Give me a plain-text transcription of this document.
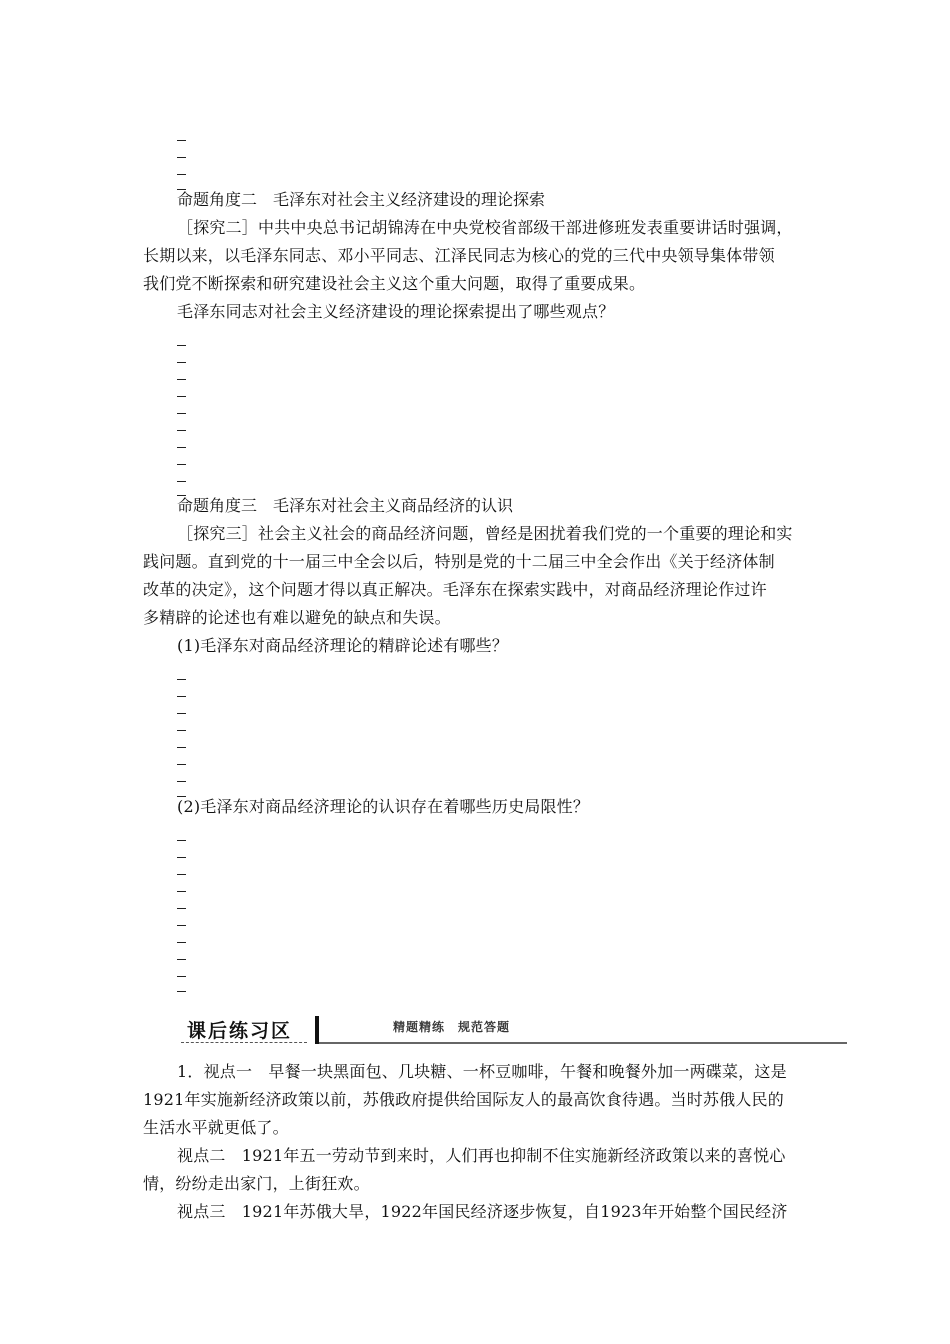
命题角度二　毛泽东对社会主义经济建设的理论探索
［探究二］中共中央总书记胡锦涛在中央党校省部级干部进修班发表重要讲话时强调，
长期以来，以毛泽东同志、邓小平同志、江泽民同志为核心的党的三代中央领导集体带领
我们党不断探索和研究建设社会主义这个重大问题，取得了重要成果。
毛泽东同志对社会主义经济建设的理论探索提出了哪些观点？
命题角度三　毛泽东对社会主义商品经济的认识
［探究三］社会主义社会的商品经济问题，曾经是困扰着我们党的一个重要的理论和实
践问题。直到党的十一届三中全会以后，特别是党的十二届三中全会作出《关于经济体制
改革的决定》，这个问题才得以真正解决。毛泽东在探索实践中，对商品经济理论作过许
多精辟的论述也有难以避免的缺点和失误。
(1)毛泽东对商品经济理论的精辟论述有哪些？
(2)毛泽东对商品经济理论的认识存在着哪些历史局限性？
课后练习区	精题精练　规范答题
1．视点一　早餐一块黑面包、几块糖、一杯豆咖啡，午餐和晚餐外加一两碟菜，这是
1921年实施新经济政策以前，苏俄政府提供给国际友人的最高饮食待遇。当时苏俄人民的
生活水平就更低了。
视点二　1921年五一劳动节到来时，人们再也抑制不住实施新经济政策以来的喜悦心
情，纷纷走出家门，上街狂欢。
视点三　1921年苏俄大旱，1922年国民经济逐步恢复，自1923年开始整个国民经济
